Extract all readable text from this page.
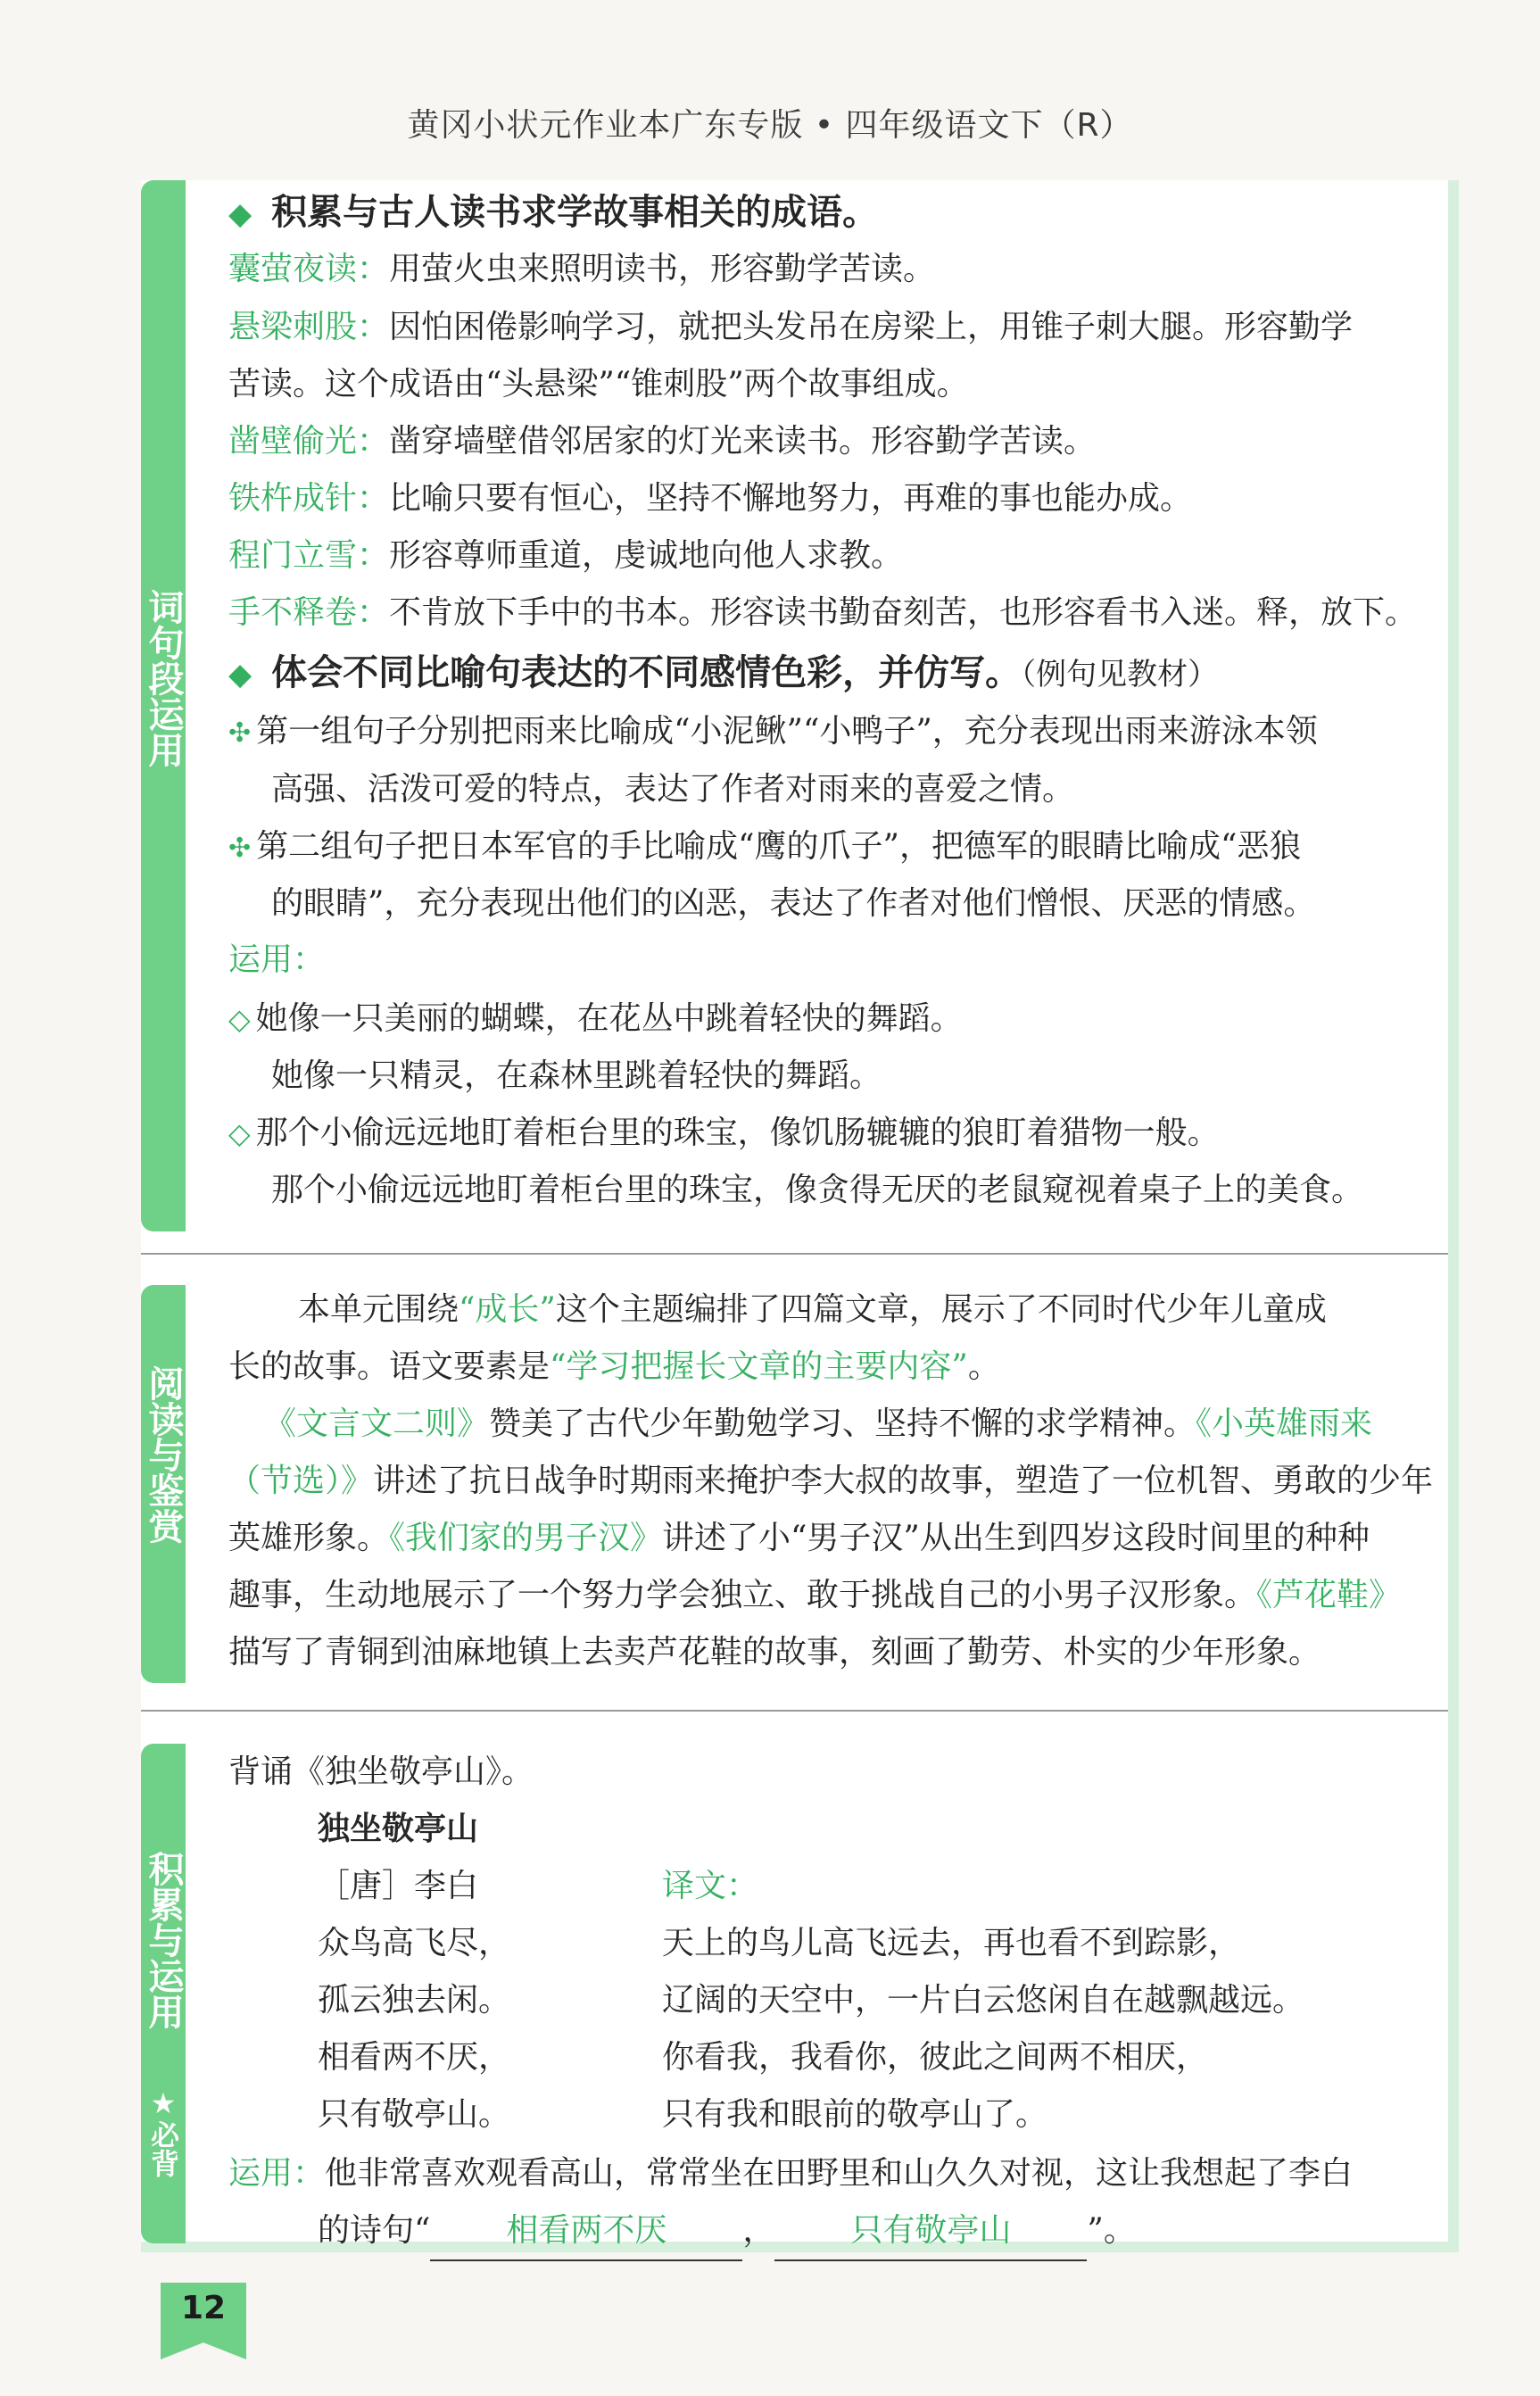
黄冈小状元作业本广东专版 • 四年级语文下（R）
词句段运用
阅读与鉴赏
积累与运用
★必背
◆ 积累与古人读书求学故事相关的成语。
囊萤夜读：用萤火虫来照明读书，形容勤学苦读。
悬梁刺股：因怕困倦影响学习，就把头发吊在房梁上，用锥子刺大腿。形容勤学
苦读。这个成语由“头悬梁”“锥刺股”两个故事组成。
凿壁偷光：凿穿墙壁借邻居家的灯光来读书。形容勤学苦读。
铁杵成针：比喻只要有恒心，坚持不懈地努力，再难的事也能办成。
程门立雪：形容尊师重道，虔诚地向他人求教。
手不释卷：不肯放下手中的书本。形容读书勤奋刻苦，也形容看书入迷。释，放下。
◆ 体会不同比喻句表达的不同感情色彩，并仿写。（例句见教材）
✣ 第一组句子分别把雨来比喻成“小泥鳅”“小鸭子”，充分表现出雨来游泳本领
高强、活泼可爱的特点，表达了作者对雨来的喜爱之情。
✣ 第二组句子把日本军官的手比喻成“鹰的爪子”，把德军的眼睛比喻成“恶狼
的眼睛”，充分表现出他们的凶恶，表达了作者对他们憎恨、厌恶的情感。
运用：
◇ 她像一只美丽的蝴蝶，在花丛中跳着轻快的舞蹈。
她像一只精灵，在森林里跳着轻快的舞蹈。
◇ 那个小偷远远地盯着柜台里的珠宝，像饥肠辘辘的狼盯着猎物一般。
那个小偷远远地盯着柜台里的珠宝，像贪得无厌的老鼠窥视着桌子上的美食。
本单元围绕“成长”这个主题编排了四篇文章，展示了不同时代少年儿童成
长的故事。语文要素是“学习把握长文章的主要内容”。
《文言文二则》赞美了古代少年勤勉学习、坚持不懈的求学精神。《小英雄雨来
（节选）》讲述了抗日战争时期雨来掩护李大叔的故事，塑造了一位机智、勇敢的少年
英雄形象。《我们家的男子汉》讲述了小“男子汉”从出生到四岁这段时间里的种种
趣事，生动地展示了一个努力学会独立、敢于挑战自己的小男子汉形象。《芦花鞋》
描写了青铜到油麻地镇上去卖芦花鞋的故事，刻画了勤劳、朴实的少年形象。
背诵《独坐敬亭山》。
独坐敬亭山
［唐］李白	译文：
众鸟高飞尽，	天上的鸟儿高飞远去，再也看不到踪影，
孤云独去闲。	辽阔的天空中，一片白云悠闲自在越飘越远。
相看两不厌，	你看我，我看你，彼此之间两不相厌，
只有敬亭山。	只有我和眼前的敬亭山了。
运用：他非常喜欢观看高山，常常坐在田野里和山久久对视，这让我想起了李白
的诗句“ 相看两不厌 ， 只有敬亭山 ”。
12
